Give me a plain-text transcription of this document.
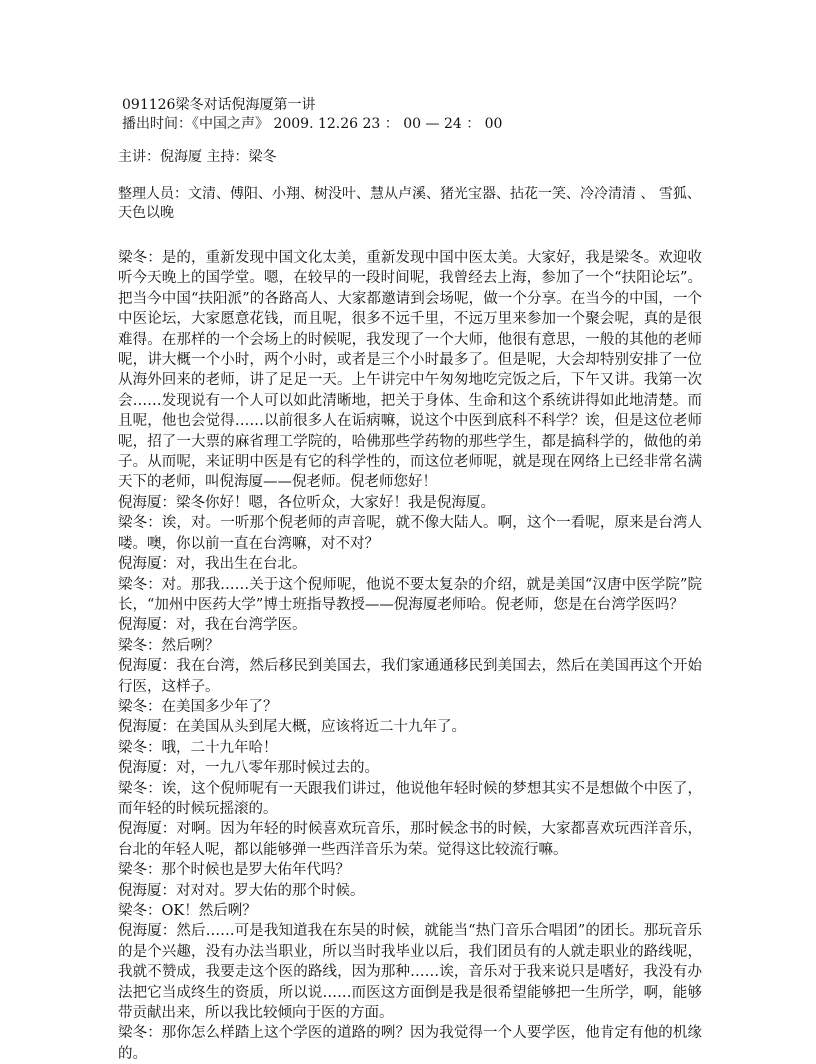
091126梁冬对话倪海厦第一讲
播出时间：《中国之声》 2009. 12.26 23 ： 00 — 24 ： 00
主讲：倪海厦 主持：梁冬
整理人员：文清、傅阳、小翔、树没叶、慧从卢溪、猪光宝器、拈花一笑、冷冷清清 、 雪狐、天色以晚

梁冬：是的，重新发现中国文化太美，重新发现中国中医太美。大家好，我是梁冬。欢迎收听今天晚上的国学堂。嗯，在较早的一段时间呢，我曾经去上海，参加了一个“扶阳论坛”。把当今中国“扶阳派”的各路高人、大家都邀请到会场呢，做一个分享。在当今的中国，一个中医论坛，大家愿意花钱，而且呢，很多不远千里，不远万里来参加一个聚会呢，真的是很难得。在那样的一个会场上的时候呢，我发现了一个大师，他很有意思，一般的其他的老师呢，讲大概一个小时，两个小时，或者是三个小时最多了。但是呢，大会却特别安排了一位从海外回来的老师，讲了足足一天。上午讲完中午匆匆地吃完饭之后，下午又讲。我第一次会……发现说有一个人可以如此清晰地，把关于身体、生命和这个系统讲得如此地清楚。而且呢，他也会觉得……以前很多人在诟病嘛，说这个中医到底科不科学？诶，但是这位老师呢，招了一大票的麻省理工学院的，哈佛那些学药物的那些学生，都是搞科学的，做他的弟子。从而呢，来证明中医是有它的科学性的，而这位老师呢，就是现在网络上已经非常名满天下的老师，叫倪海厦——倪老师。倪老师您好！

倪海厦：梁冬你好！嗯，各位听众，大家好！我是倪海厦。

梁冬：诶，对。一听那个倪老师的声音呢，就不像大陆人。啊，这个一看呢，原来是台湾人喽。噢，你以前一直在台湾嘛，对不对？

倪海厦：对，我出生在台北。

梁冬：对。那我……关于这个倪师呢，他说不要太复杂的介绍，就是美国“汉唐中医学院”院长，“加州中医药大学”博士班指导教授——倪海厦老师哈。倪老师，您是在台湾学医吗？

倪海厦：对，我在台湾学医。

梁冬：然后咧？

倪海厦：我在台湾，然后移民到美国去，我们家通通移民到美国去，然后在美国再这个开始行医，这样子。

梁冬：在美国多少年了？

倪海厦：在美国从头到尾大概，应该将近二十九年了。

梁冬：哦，二十九年哈！

倪海厦：对，一九八零年那时候过去的。

梁冬：诶，这个倪师呢有一天跟我们讲过，他说他年轻时候的梦想其实不是想做个中医了，而年轻的时候玩摇滚的。

倪海厦：对啊。因为年轻的时候喜欢玩音乐，那时候念书的时候，大家都喜欢玩西洋音乐，台北的年轻人呢，都以能够弹一些西洋音乐为荣。觉得这比较流行嘛。

梁冬：那个时候也是罗大佑年代吗？

倪海厦：对对对。罗大佑的那个时候。

梁冬：OK！然后咧？

倪海厦：然后……可是我知道我在东吴的时候，就能当“热门音乐合唱团”的团长。那玩音乐的是个兴趣，没有办法当职业，所以当时我毕业以后，我们团员有的人就走职业的路线呢，我就不赞成，我要走这个医的路线，因为那种……诶，音乐对于我来说只是嗜好，我没有办法把它当成终生的资质，所以说……而医这方面倒是我是很希望能够把一生所学，啊，能够带贡献出来，所以我比较倾向于医的方面。

梁冬：那你怎么样踏上这个学医的道路的咧？因为我觉得一个人要学医，他肯定有他的机缘的。
